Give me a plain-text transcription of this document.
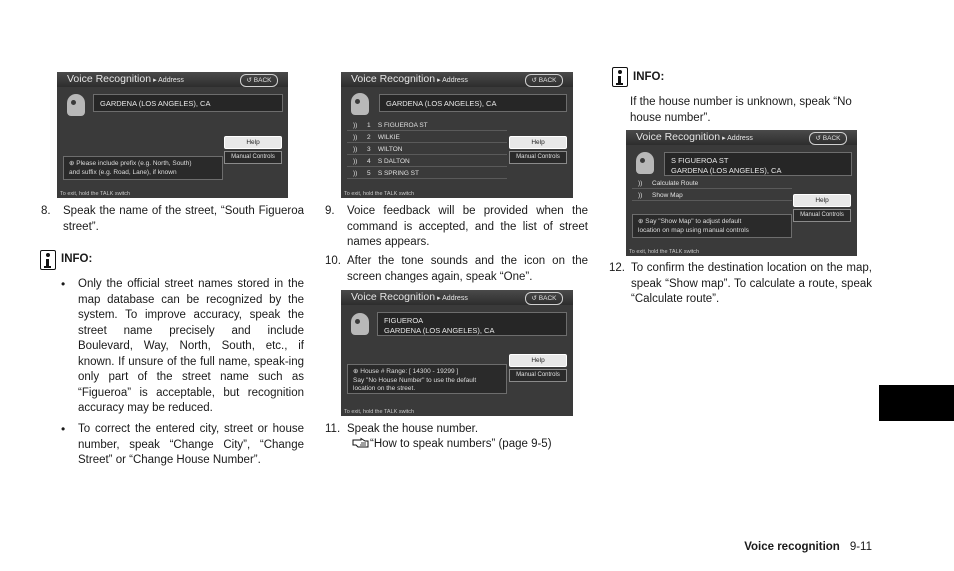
Voice Recognition ▸ Address	↺ BACK
GARDENA (LOS ANGELES), CA
Help
Manual Controls
⊕ Please include prefix (e.g. North, South)
and suffix (e.g. Road, Lane), if known
To exit, hold the TALK switch
8. Speak the name of the street, “South Figueroa street”.
INFO:
• Only the official street names stored in the map database can be recognized by the system. To improve accuracy, speak the street name precisely and include Boulevard, Way, North, South, etc., if known. If unsure of the full name, speak-ing only part of the street name such as “Figueroa” is acceptable, but recognition accuracy may be reduced.
• To correct the entered city, street or house number, speak “Change City”, “Change Street” or “Change House Number”.
Voice Recognition ▸ Address	↺ BACK
GARDENA (LOS ANGELES), CA
)) 1 S FIGUEROA ST
)) 2 WILKIE
)) 3 WILTON
)) 4 S DALTON
)) 5 S SPRING ST
Help
Manual Controls
To exit, hold the TALK switch
9. Voice feedback will be provided when the command is accepted, and the list of street names appears.
10. After the tone sounds and the icon on the screen changes again, speak “One”.
Voice Recognition ▸ Address	↺ BACK
FIGUEROA
GARDENA (LOS ANGELES), CA
Help
Manual Controls
⊕ House # Range: [ 14300 - 19299 ]
Say "No House Number" to use the default
location on the street.
To exit, hold the TALK switch
11. Speak the house number.
“How to speak numbers” (page 9-5)
INFO:
If the house number is unknown, speak “No house number”.
Voice Recognition ▸ Address	↺ BACK
S FIGUEROA ST
GARDENA (LOS ANGELES), CA
)) Calculate Route
)) Show Map
Help
Manual Controls
⊕ Say "Show Map" to adjust default
location on map using manual controls
To exit, hold the TALK switch
12. To confirm the destination location on the map, speak “Show map”. To calculate a route, speak “Calculate route”.
Voice recognition 9-11
